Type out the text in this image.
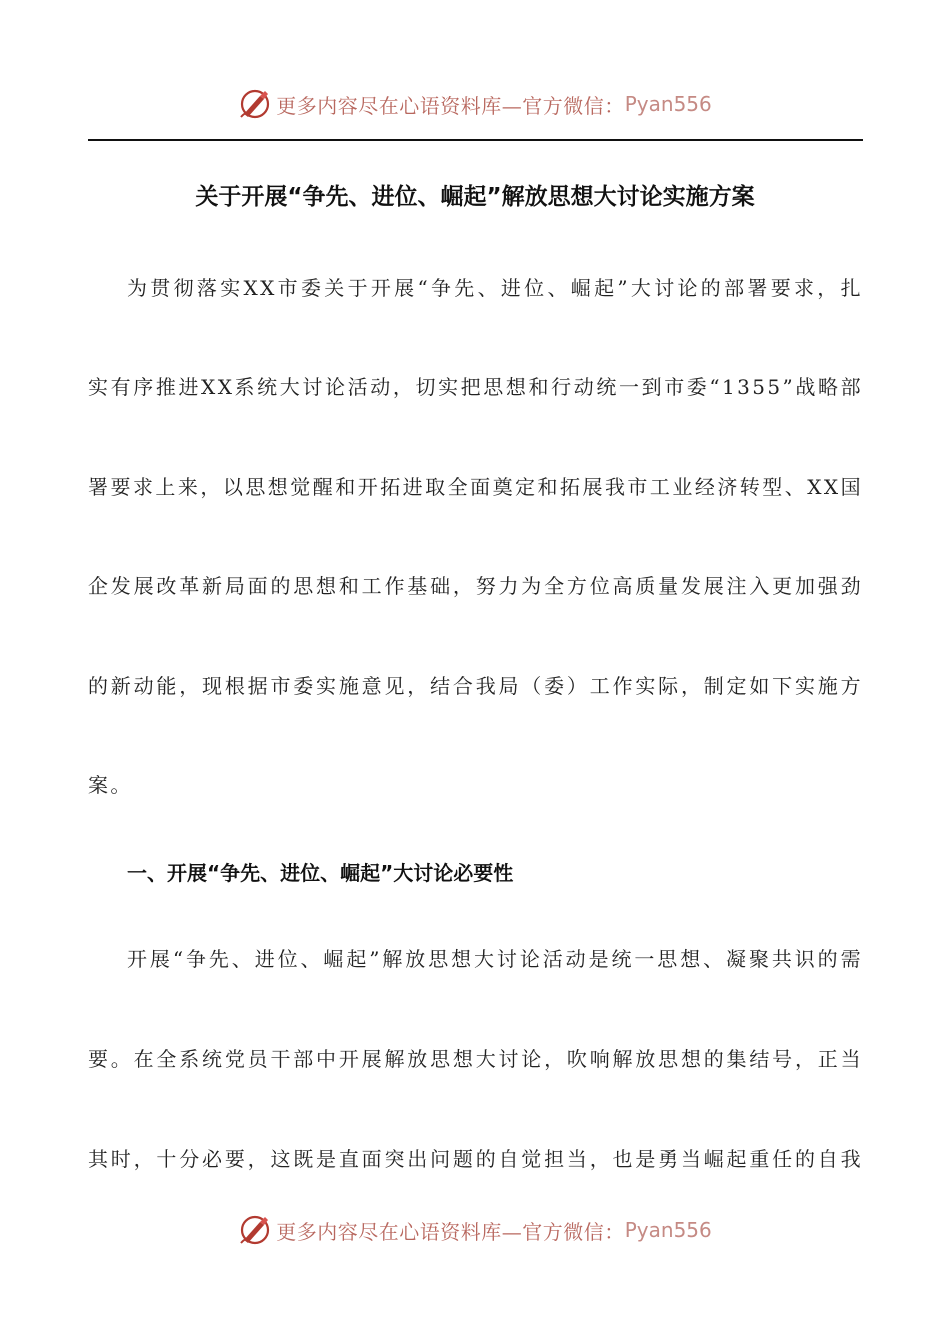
更多内容尽在心语资料库—官方微信： Pyan556
关于开展“争先、进位、崛起”解放思想大讨论实施方案
为贯彻落实XX市委关于开展“争先、进位、崛起”大讨论的部署要求，扎
实有序推进XX系统大讨论活动，切实把思想和行动统一到市委“1355”战略部
署要求上来，以思想觉醒和开拓进取全面奠定和拓展我市工业经济转型、XX国
企发展改革新局面的思想和工作基础，努力为全方位高质量发展注入更加强劲
的新动能，现根据市委实施意见，结合我局（委）工作实际，制定如下实施方
案。
一、开展“争先、进位、崛起”大讨论必要性
开展“争先、进位、崛起”解放思想大讨论活动是统一思想、凝聚共识的需
要。在全系统党员干部中开展解放思想大讨论，吹响解放思想的集结号，正当
其时，十分必要，这既是直面突出问题的自觉担当，也是勇当崛起重任的自我
更多内容尽在心语资料库—官方微信： Pyan556
